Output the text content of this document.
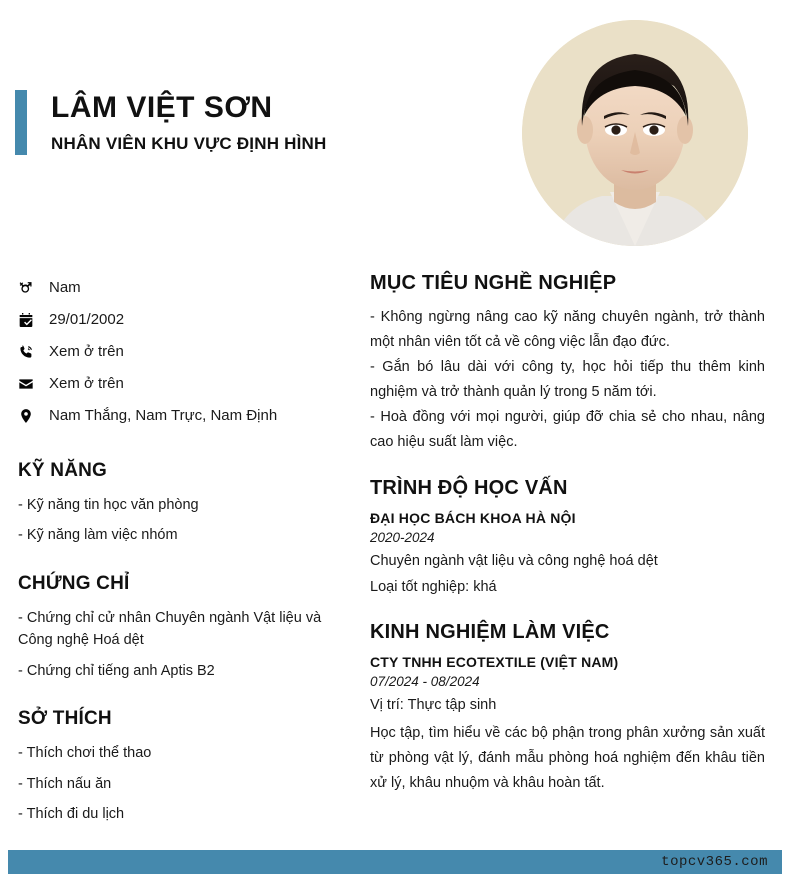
LÂM VIỆT SƠN
NHÂN VIÊN KHU VỰC ĐỊNH HÌNH
Nam
29/01/2002
Xem ở trên
Xem ở trên
Nam Thắng, Nam Trực, Nam Định
KỸ NĂNG

- Kỹ năng tin học văn phòng

- Kỹ năng làm việc nhóm

CHỨNG CHỈ

- Chứng chỉ cử nhân Chuyên ngành Vật liệu và Công nghệ Hoá dệt

- Chứng chỉ tiếng anh Aptis B2

SỞ THÍCH

- Thích chơi thể thao

- Thích nấu ăn

- Thích đi du lịch

MỤC TIÊU NGHỀ NGHIỆP

- Không ngừng nâng cao kỹ năng chuyên ngành, trở thành một nhân viên tốt cả về công việc lẫn đạo đức.

- Gắn bó lâu dài với công ty, học hỏi tiếp thu thêm kinh nghiệm và trở thành quản lý trong 5 năm tới.

- Hoà đồng với mọi người, giúp đỡ chia sẻ cho nhau, nâng cao hiệu suất làm việc.

TRÌNH ĐỘ HỌC VẤN

ĐẠI HỌC BÁCH KHOA HÀ NỘI

2020-2024

Chuyên ngành vật liệu và công nghệ hoá dệt

Loại tốt nghiệp: khá

KINH NGHIỆM LÀM VIỆC

CTY TNHH ECOTEXTILE (VIỆT NAM)

07/2024 - 08/2024

Vị trí: Thực tập sinh

Học tập, tìm hiểu về các bộ phận trong phân xưởng sản xuất từ phòng vật lý, đánh mẫu phòng hoá nghiệm đến khâu tiền xử lý, khâu nhuộm và khâu hoàn tất.

topcv365.com
